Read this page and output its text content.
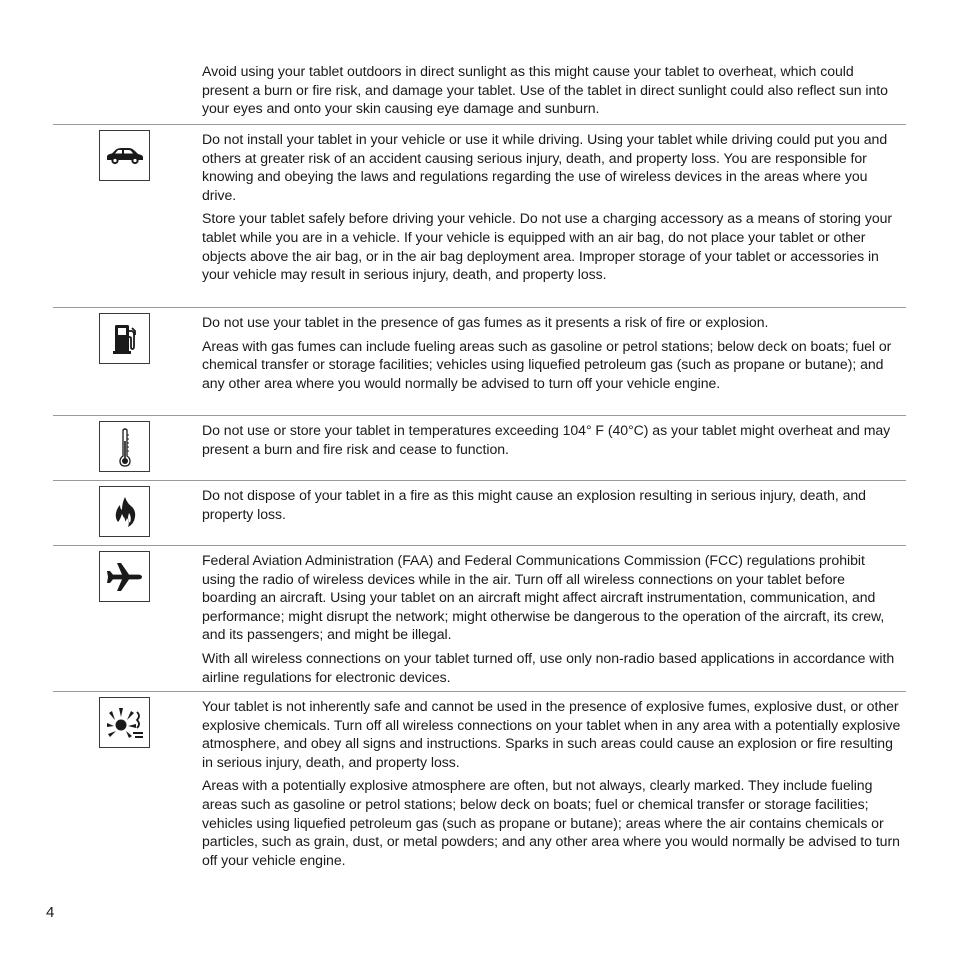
Avoid using your tablet outdoors in direct sunlight as this might cause your tablet to overheat, which could present a burn or fire risk, and damage your tablet. Use of the tablet in direct sunlight could also reflect sun into your eyes and onto your skin causing eye damage and sunburn.

Do not install your tablet in your vehicle or use it while driving. Using your tablet while driving could put you and others at greater risk of an accident causing serious injury, death, and property loss. You are responsible for knowing and obeying the laws and regulations regarding the use of wireless devices in the areas where you drive.

Store your tablet safely before driving your vehicle. Do not use a charging accessory as a means of storing your tablet while you are in a vehicle. If your vehicle is equipped with an air bag, do not place your tablet or other objects above the air bag, or in the air bag deployment area. Improper storage of your tablet or accessories in your vehicle may result in serious injury, death, and property loss.

Do not use your tablet in the presence of gas fumes as it presents a risk of fire or explosion.

Areas with gas fumes can include fueling areas such as gasoline or petrol stations; below deck on boats; fuel or chemical transfer or storage facilities; vehicles using liquefied petroleum gas (such as propane or butane); and any other area where you would normally be advised to turn off your vehicle engine.

Do not use or store your tablet in temperatures exceeding 104° F (40°C) as your tablet might overheat and may present a burn and fire risk and cease to function.

Do not dispose of your tablet in a fire as this might cause an explosion resulting in serious injury, death, and property loss.

Federal Aviation Administration (FAA) and Federal Communications Commission (FCC) regulations prohibit using the radio of wireless devices while in the air. Turn off all wireless connections on your tablet before boarding an aircraft. Using your tablet on an aircraft might affect aircraft instrumentation, communication, and performance; might disrupt the network; might otherwise be dangerous to the operation of the aircraft, its crew, and its passengers; and might be illegal.

With all wireless connections on your tablet turned off, use only non-radio based applications in accordance with airline regulations for electronic devices.

Your tablet is not inherently safe and cannot be used in the presence of explosive fumes, explosive dust, or other explosive chemicals. Turn off all wireless connections on your tablet when in any area with a potentially explosive atmosphere, and obey all signs and instructions. Sparks in such areas could cause an explosion or fire resulting in serious injury, death, and property loss.

Areas with a potentially explosive atmosphere are often, but not always, clearly marked. They include fueling areas such as gasoline or petrol stations; below deck on boats; fuel or chemical transfer or storage facilities; vehicles using liquefied petroleum gas (such as propane or butane); areas where the air contains chemicals or particles, such as grain, dust, or metal powders; and any other area where you would normally be advised to turn off your vehicle engine.

4
